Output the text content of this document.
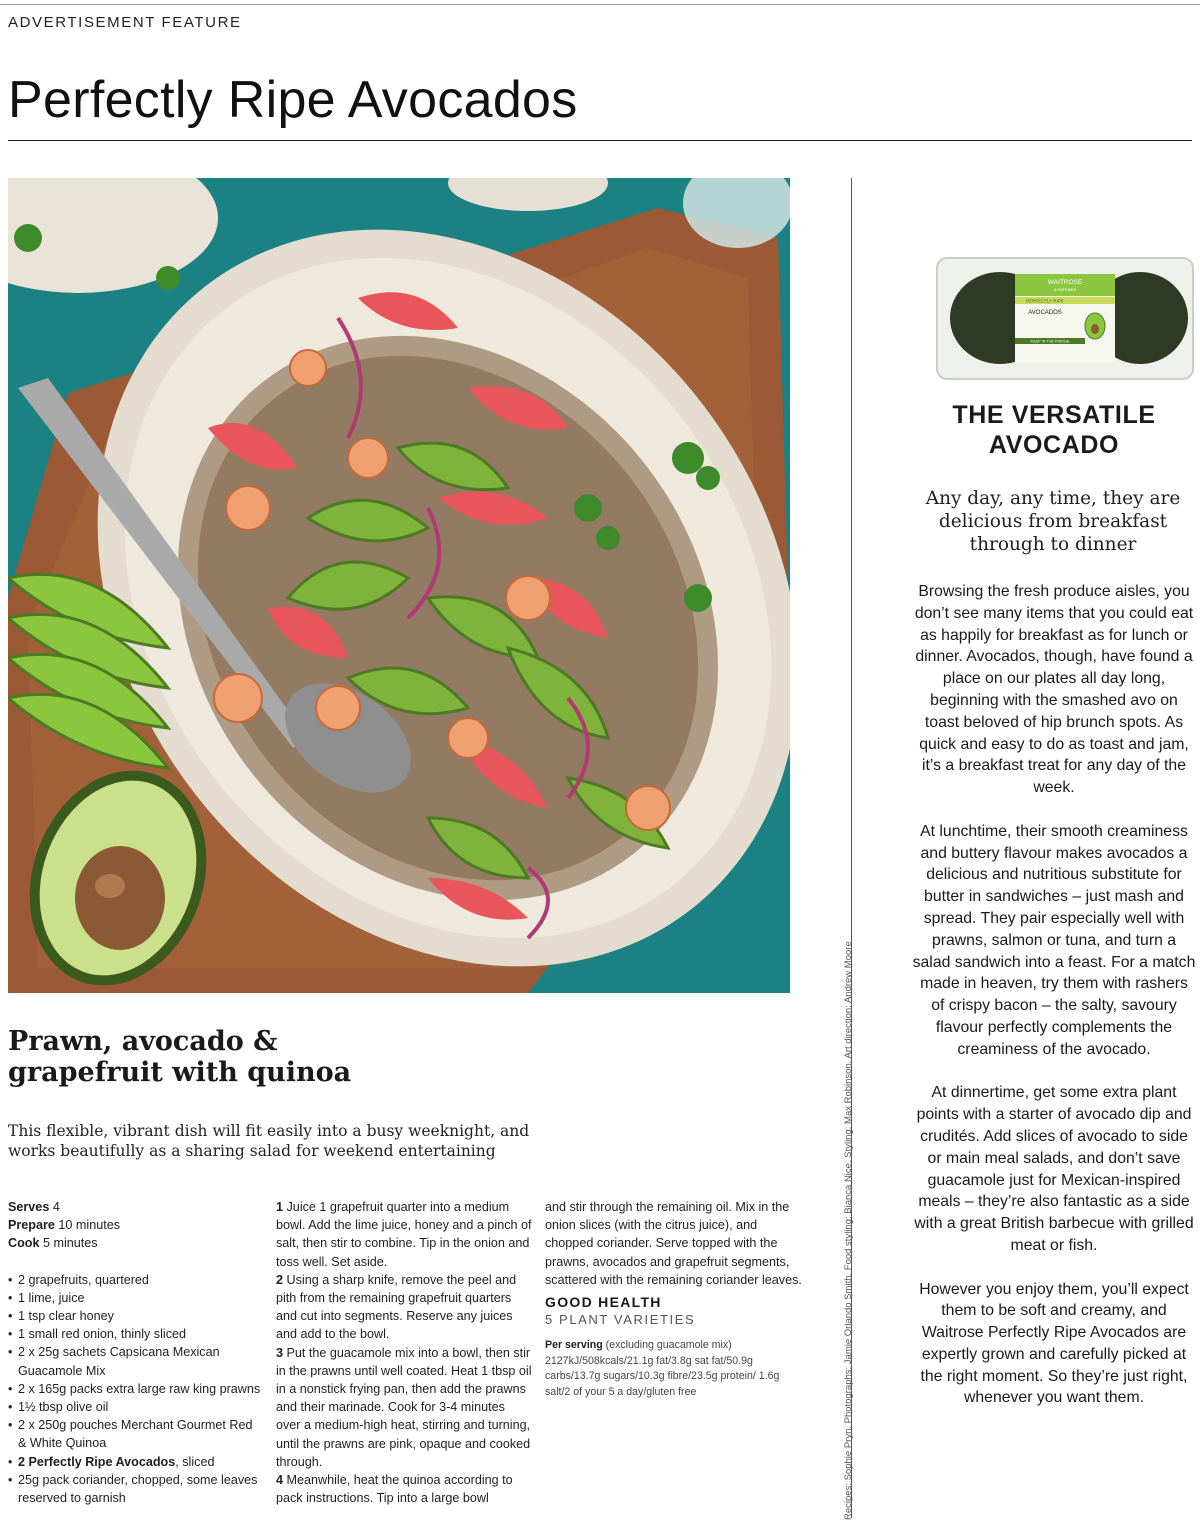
ADVERTISEMENT FEATURE
Perfectly Ripe Avocados
Recipes: Sophie Pryn. Photographs: Jamie Orlando Smith. Food styling: Bianca Nice. Styling: Max Robinson. Art direction: Andrew Moore
Prawn, avocado &
grapefruit with quinoa

This flexible, vibrant dish will fit easily into a busy weeknight, and
works beautifully as a sharing salad for weekend entertaining

Serves 4
Prepare 10 minutes
Cook 5 minutes
• 2 grapefruits, quartered
• 1 lime, juice
• 1 tsp clear honey
• 1 small red onion, thinly sliced
• 2 x 25g sachets Capsicana Mexican Guacamole Mix
• 2 x 165g packs extra large raw king prawns
• 1½ tbsp olive oil
• 2 x 250g pouches Merchant Gourmet Red & White Quinoa
• 2 Perfectly Ripe Avocados, sliced
• 25g pack coriander, chopped, some leaves reserved to garnish
1 Juice 1 grapefruit quarter into a medium bowl. Add the lime juice, honey and a pinch of salt, then stir to combine. Tip in the onion and toss well. Set aside.
2 Using a sharp knife, remove the peel and pith from the remaining grapefruit quarters and cut into segments. Reserve any juices and add to the bowl.
3 Put the guacamole mix into a bowl, then stir in the prawns until well coated. Heat 1 tbsp oil in a nonstick frying pan, then add the prawns and their marinade. Cook for 3-4 minutes over a medium-high heat, stirring and turning, until the prawns are pink, opaque and cooked through.
4 Meanwhile, heat the quinoa according to pack instructions. Tip into a large bowl
and stir through the remaining oil. Mix in the onion slices (with the citrus juice), and chopped coriander. Serve topped with the prawns, avocados and grapefruit segments, scattered with the remaining coriander leaves.
GOOD HEALTH
5 PLANT VARIETIES
Per serving (excluding guacamole mix) 2127kJ/508kcals/21.1g fat/3.8g sat fat/50.9g carbs/13.7g sugars/10.3g fibre/23.5g protein/ 1.6g salt/2 of your 5 a day/gluten free
WAITROSE
& PARTNERS
PERFECTLY RIPE
AVOCADOS
KEEP IN THE FRIDGE
THE VERSATILE
AVOCADO

Any day, any time, they are delicious from breakfast through to dinner

Browsing the fresh produce aisles, you don’t see many items that you could eat as happily for breakfast as for lunch or dinner. Avocados, though, have found a place on our plates all day long, beginning with the smashed avo on toast beloved of hip brunch spots. As quick and easy to do as toast and jam, it’s a breakfast treat for any day of the week.

At lunchtime, their smooth creaminess and buttery flavour makes avocados a delicious and nutritious substitute for butter in sandwiches – just mash and spread. They pair especially well with prawns, salmon or tuna, and turn a salad sandwich into a feast. For a match made in heaven, try them with rashers of crispy bacon – the salty, savoury flavour perfectly complements the creaminess of the avocado.

At dinnertime, get some extra plant points with a starter of avocado dip and crudités. Add slices of avocado to side or main meal salads, and don’t save guacamole just for Mexican-inspired meals – they’re also fantastic as a side with a great British barbecue with grilled meat or fish.

However you enjoy them, you’ll expect them to be soft and creamy, and Waitrose Perfectly Ripe Avocados are expertly grown and carefully picked at the right moment. So they’re just right, whenever you want them.
